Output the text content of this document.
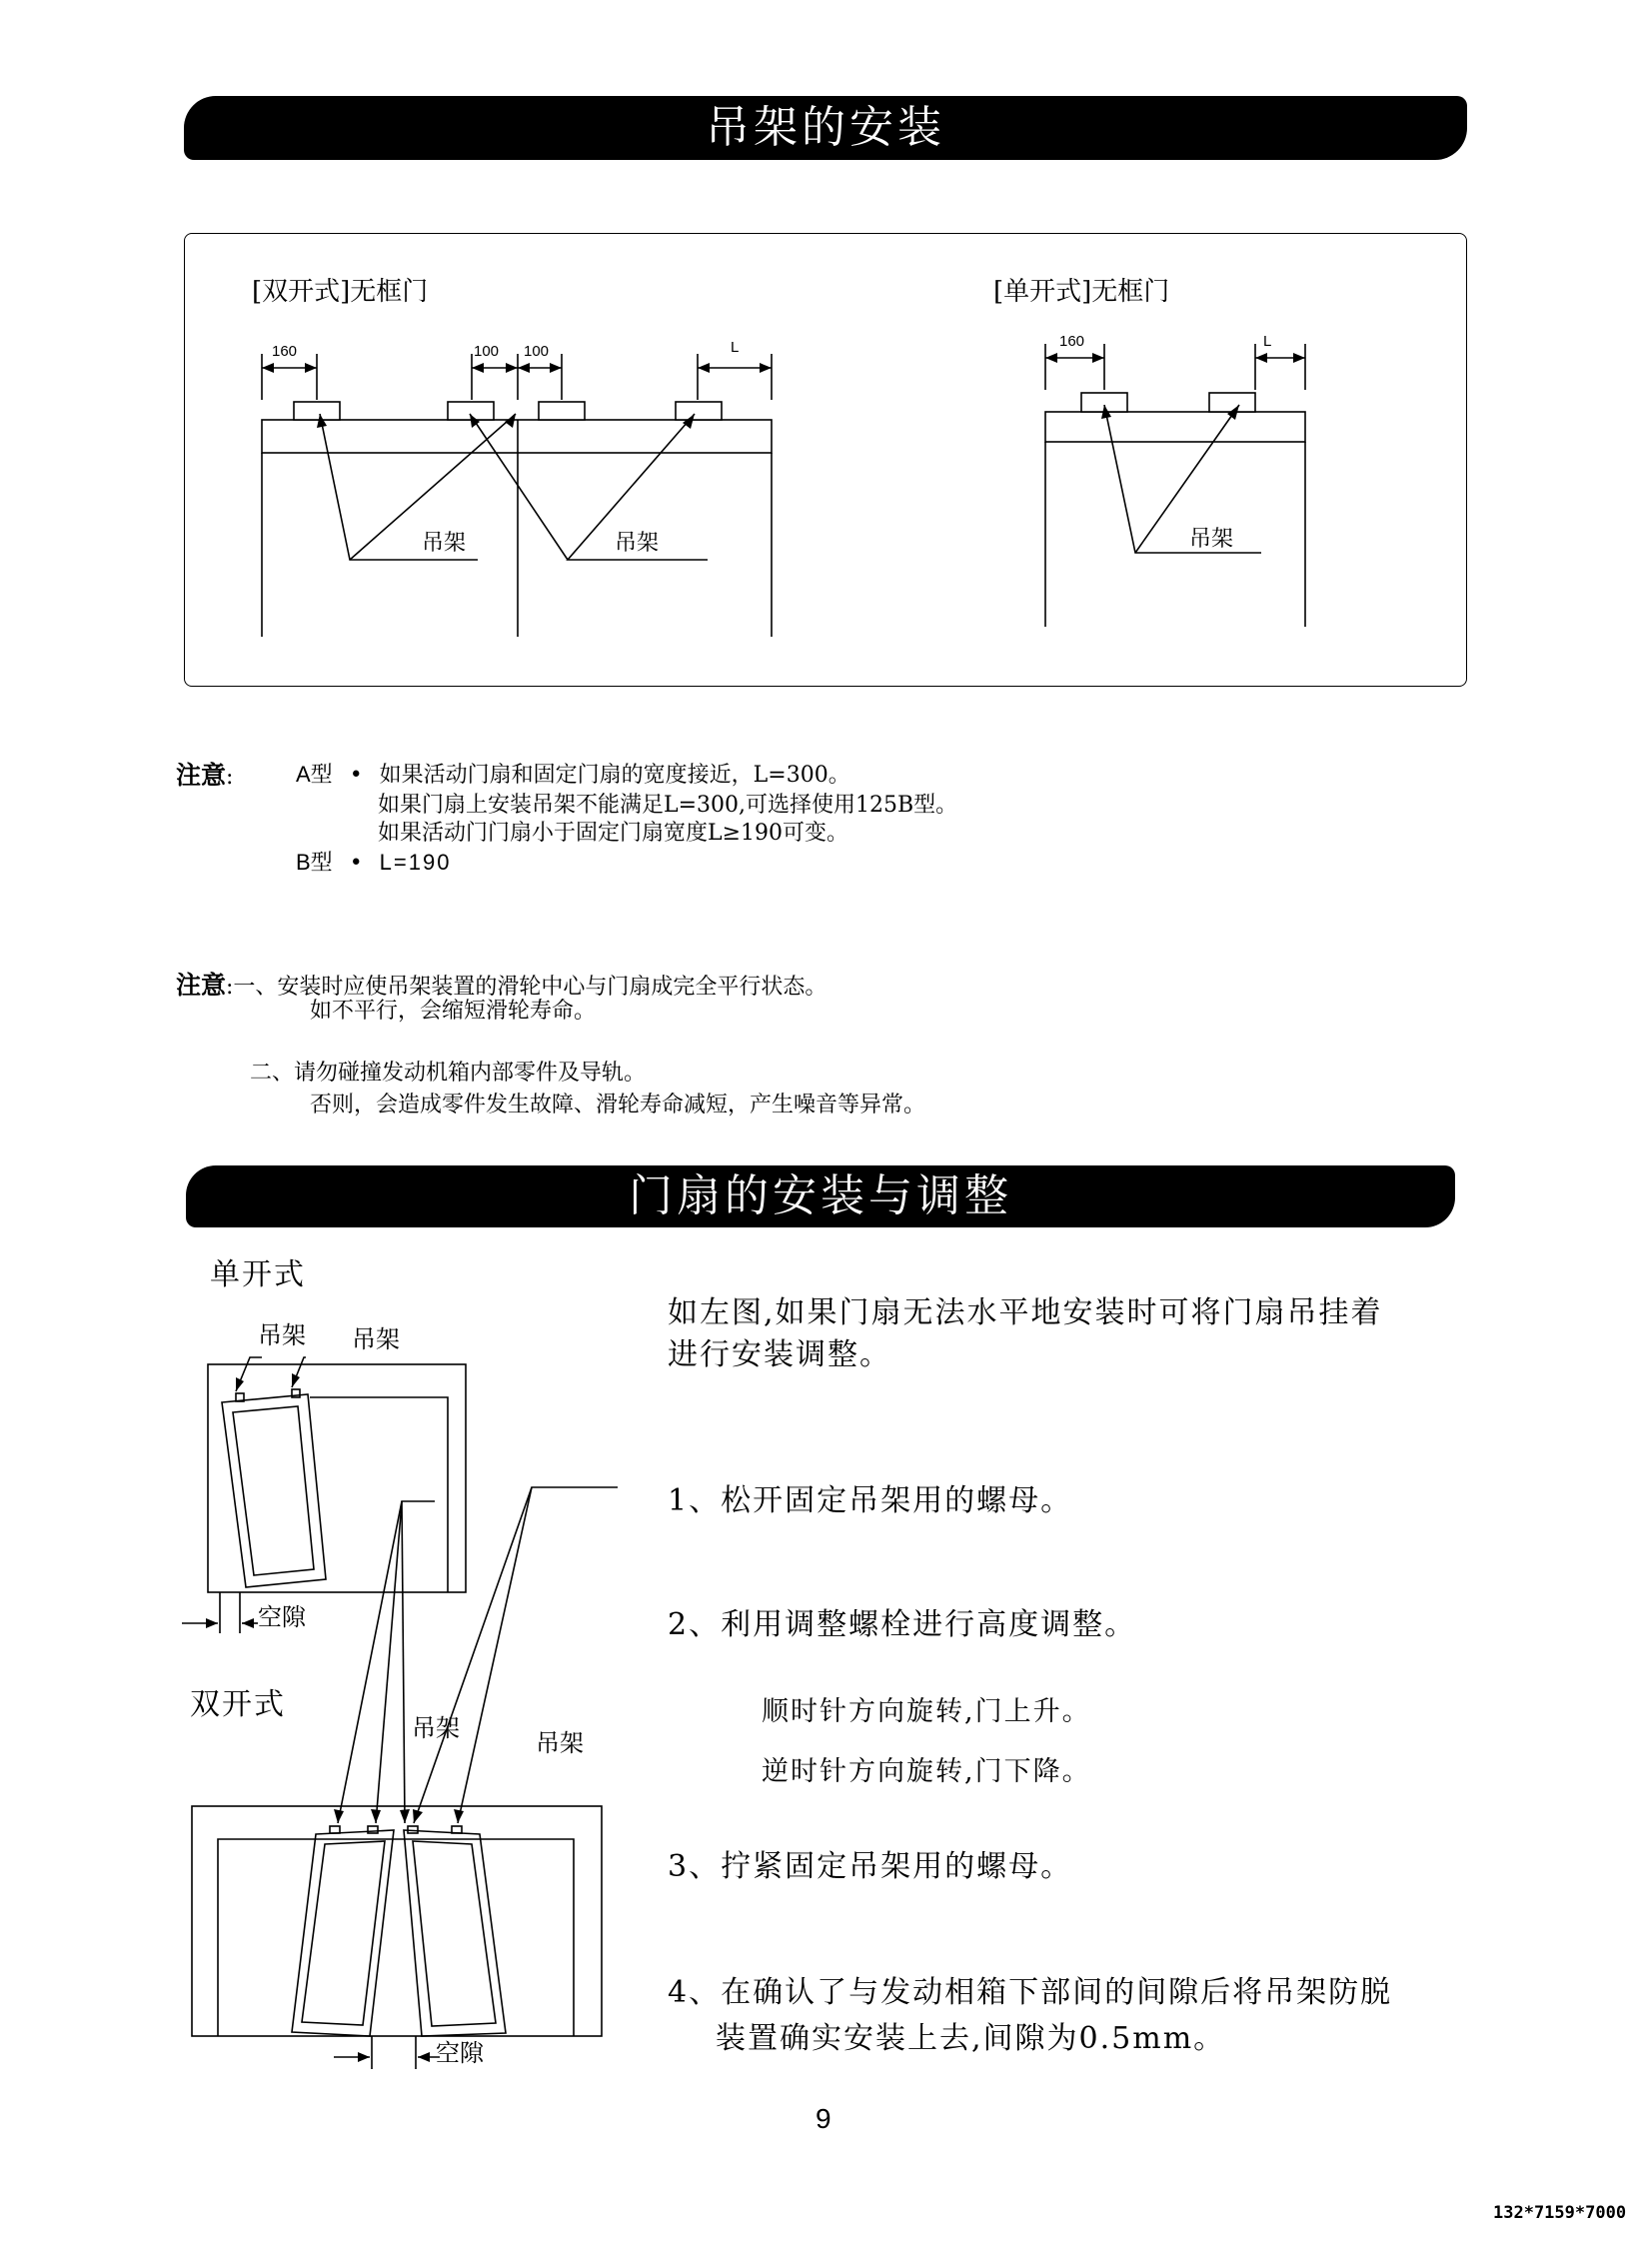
吊架的安装
[双开式]无框门	[单开式]无框门
160	100 100	L	160	L
吊架	吊架	吊架
注意:	A型 • 如果活动门扇和固定门扇的宽度接近，L=300。
如果门扇上安装吊架不能满足L=300,可选择使用125B型。
如果活动门门扇小于固定门扇宽度L≥190可变。
B型 • L=190
注意:一、安装时应使吊架装置的滑轮中心与门扇成完全平行状态。
如不平行，会缩短滑轮寿命。
二、请勿碰撞发动机箱内部零件及导轨。
否则，会造成零件发生故障、滑轮寿命减短，产生噪音等异常。
门扇的安装与调整
单开式
双开式
吊架 吊架
空隙
吊架
吊架
空隙
如左图,如果门扇无法水平地安装时可将门扇吊挂着
进行安装调整。
1、松开固定吊架用的螺母。
2、利用调整螺栓进行高度调整。
顺时针方向旋转,门上升。
逆时针方向旋转,门下降。
3、拧紧固定吊架用的螺母。
4、在确认了与发动相箱下部间的间隙后将吊架防脱
装置确实安装上去,间隙为0.5mm。
9
132*7159*7000
